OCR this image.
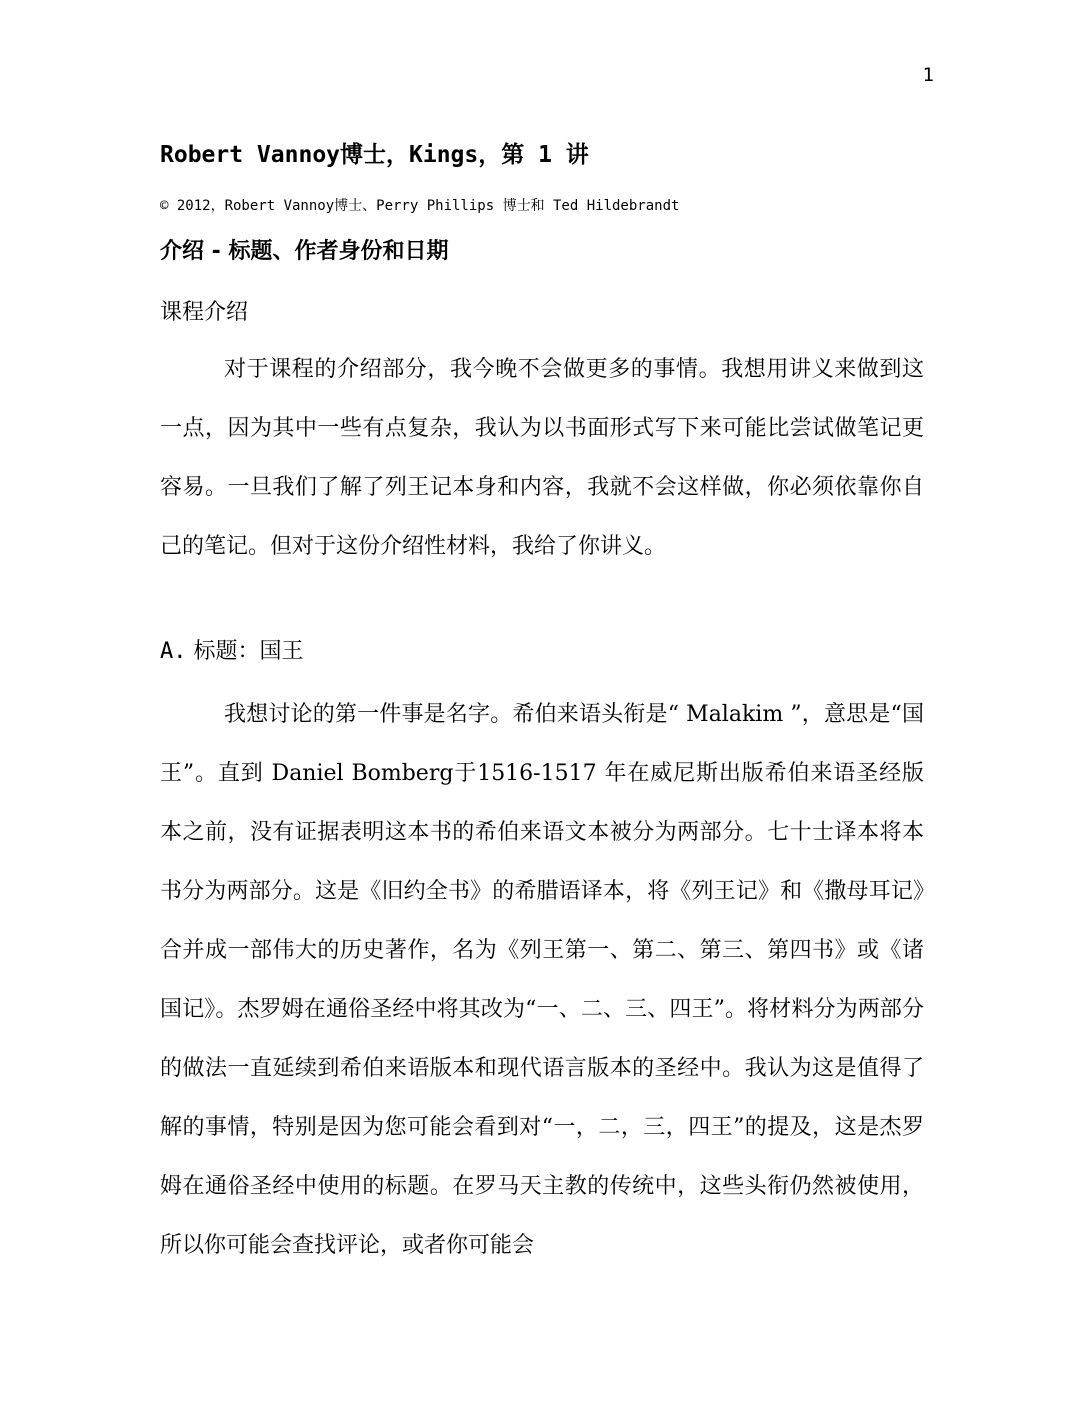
1
Robert Vannoy博士，Kings，第 1 讲
© 2012，Robert Vannoy博士、Perry Phillips 博士和 Ted Hildebrandt
介绍 - 标题、作者身份和日期
课程介绍

对于课程的介绍部分，我今晚不会做更多的事情。我想用讲义来做到这一点，因为其中一些有点复杂，我认为以书面形式写下来可能比尝试做笔记更容易。一旦我们了解了列王记本身和内容，我就不会这样做，你必须依靠你自己的笔记。但对于这份介绍性材料，我给了你讲义。

A. 标题：国王

我想讨论的第一件事是名字。希伯来语头衔是“ Malakim ”，意思是“国王”。直到 Daniel Bomberg于1516-1517 年在威尼斯出版希伯来语圣经版本之前，没有证据表明这本书的希伯来语文本被分为两部分。七十士译本将本书分为两部分。这是《旧约全书》的希腊语译本，将《列王记》和《撒母耳记》合并成一部伟大的历史著作，名为《列王第一、第二、第三、第四书》或《诸国记》。杰罗姆在通俗圣经中将其改为“一、二、三、四王”。将材料分为两部分的做法一直延续到希伯来语版本和现代语言版本的圣经中。我认为这是值得了解的事情，特别是因为您可能会看到对“一，二，三，四王”的提及，这是杰罗姆在通俗圣经中使用的标题。在罗马天主教的传统中，这些头衔仍然被使用，所以你可能会查找评论，或者你可能会
